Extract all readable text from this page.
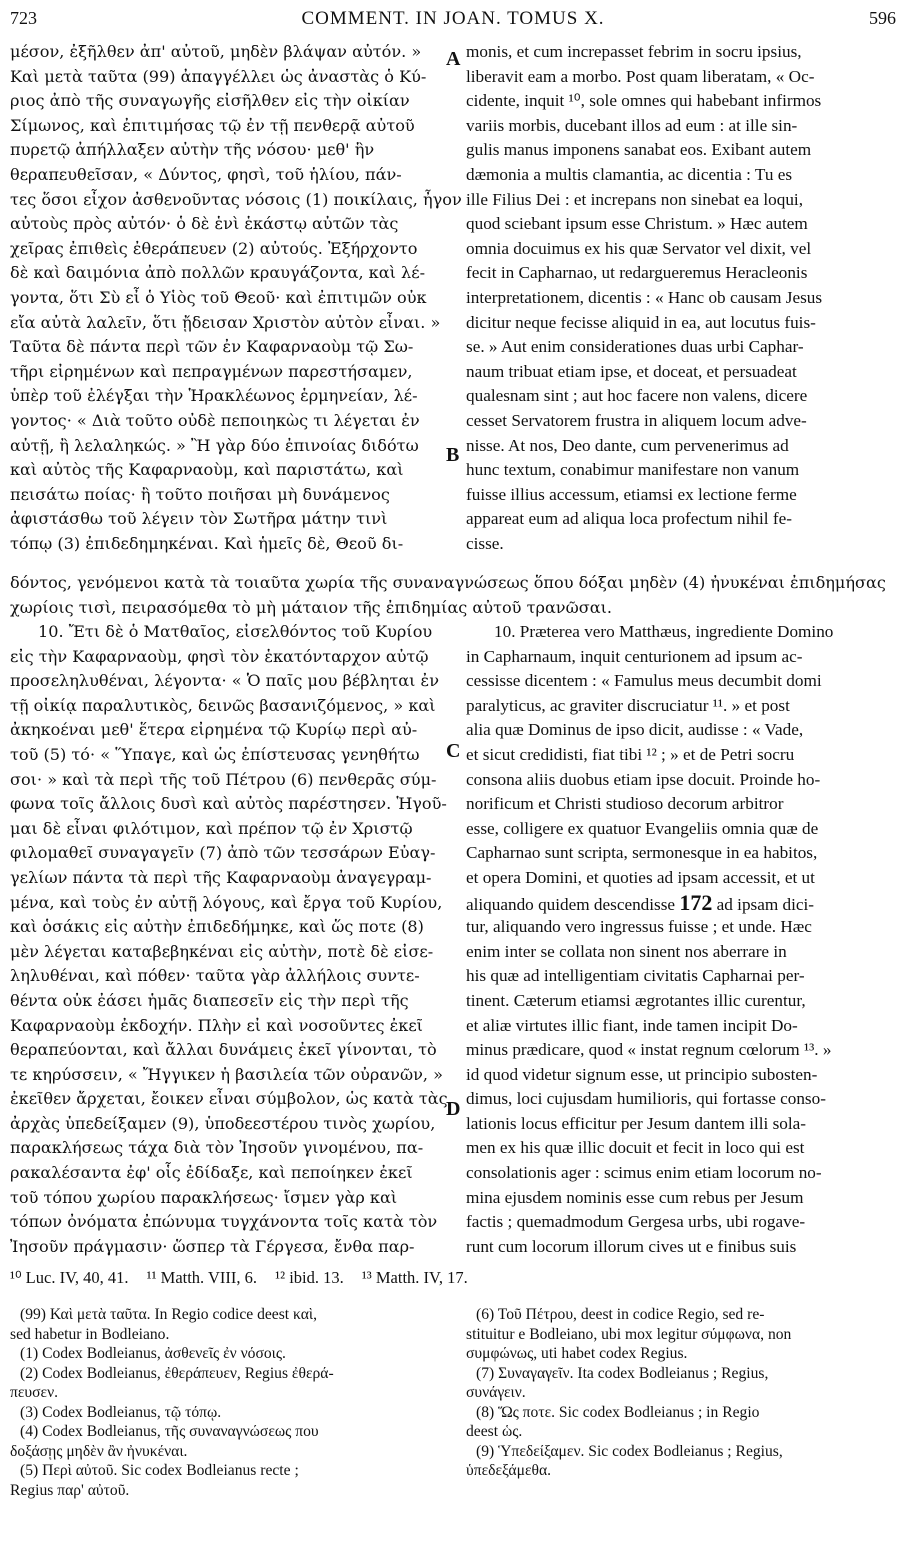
723	COMMENT. IN JOAN. TOMUS X.	596
μέσον, ἐξῆλθεν ἀπ' αὐτοῦ, μηδὲν βλάψαν αὐτόν. »
Καὶ μετὰ ταῦτα (99) ἀπαγγέλλει ὡς ἀναστὰς ὁ Κύ-
ριος ἀπὸ τῆς συναγωγῆς εἰσῆλθεν εἰς τὴν οἰκίαν
Σίμωνος, καὶ ἐπιτιμήσας τῷ ἐν τῇ πενθερᾷ αὐτοῦ
πυρετῷ ἀπήλλαξεν αὐτὴν τῆς νόσου· μεθ' ἣν
θεραπευθεῖσαν, « Δύντος, φησὶ, τοῦ ἡλίου, πάν-
τες ὅσοι εἶχον ἀσθενοῦντας νόσοις (1) ποικίλαις, ἦγον
αὐτοὺς πρὸς αὐτόν· ὁ δὲ ἑνὶ ἑκάστῳ αὐτῶν τὰς
χεῖρας ἐπιθεὶς ἐθεράπευεν (2) αὐτούς. Ἐξήρχοντο
δὲ καὶ δαιμόνια ἀπὸ πολλῶν κραυγάζοντα, καὶ λέ-
γοντα, ὅτι Σὺ εἶ ὁ Υἱὸς τοῦ Θεοῦ· καὶ ἐπιτιμῶν οὐκ
εἴα αὐτὰ λαλεῖν, ὅτι ᾔδεισαν Χριστὸν αὐτὸν εἶναι. »
Ταῦτα δὲ πάντα περὶ τῶν ἐν Καφαρναοὺμ τῷ Σω-
τῆρι εἰρημένων καὶ πεπραγμένων παρεστήσαμεν,
ὑπὲρ τοῦ ἐλέγξαι τὴν Ἡρακλέωνος ἑρμηνείαν, λέ-
γοντος· « Διὰ τοῦτο οὐδὲ πεποιηκὼς τι λέγεται ἐν
αὐτῇ, ἢ λελαληκώς. » Ἢ γὰρ δύο ἐπινοίας διδότω
καὶ αὐτὸς τῆς Καφαρναοὺμ, καὶ παριστάτω, καὶ
πεισάτω ποίας· ἢ τοῦτο ποιῆσαι μὴ δυνάμενος
ἀφιστάσθω τοῦ λέγειν τὸν Σωτῆρα μάτην τινὶ
τόπῳ (3) ἐπιδεδημηκέναι. Καὶ ἡμεῖς δὲ, Θεοῦ δι-
monis, et cum increpasset febrim in socru ipsius,
liberavit eam a morbo. Post quam liberatam, « Oc-
cidente, inquit ¹⁰, sole omnes qui habebant infirmos
variis morbis, ducebant illos ad eum : at ille sin-
gulis manus imponens sanabat eos. Exibant autem
dæmonia a multis clamantia, ac dicentia : Tu es
ille Filius Dei : et increpans non sinebat ea loqui,
quod sciebant ipsum esse Christum. » Hæc autem
omnia docuimus ex his quæ Servator vel dixit, vel
fecit in Capharnao, ut redargueremus Heracleonis
interpretationem, dicentis : « Hanc ob causam Jesus
dicitur neque fecisse aliquid in ea, aut locutus fuis-
se. » Aut enim considerationes duas urbi Caphar-
naum tribuat etiam ipse, et doceat, et persuadeat
qualesnam sint ; aut hoc facere non valens, dicere
cesset Servatorem frustra in aliquem locum adve-
nisse. At nos, Deo dante, cum pervenerimus ad
hunc textum, conabimur manifestare non vanum
fuisse illius accessum, etiamsi ex lectione ferme
appareat eum ad aliqua loca profectum nihil fe-
cisse.
δόντος, γενόμενοι κατὰ τὰ τοιαῦτα χωρία τῆς συναναγνώσεως ὅπου δόξαι μηδὲν (4) ἠνυκέναι ἐπιδημήσας
χωρίοις τισὶ, πειρασόμεθα τὸ μὴ μάταιον τῆς ἐπιδημίας αὐτοῦ τρανῶσαι.
10. Ἔτι δὲ ὁ Ματθαῖος, εἰσελθόντος τοῦ Κυρίου
εἰς τὴν Καφαρναοὺμ, φησὶ τὸν ἑκατόνταρχον αὐτῷ
προσεληλυθέναι, λέγοντα· « Ὁ παῖς μου βέβληται ἐν
τῇ οἰκίᾳ παραλυτικὸς, δεινῶς βασανιζόμενος, » καὶ
ἀκηκοέναι μεθ' ἕτερα εἰρημένα τῷ Κυρίῳ περὶ αὐ-
τοῦ (5) τό· « Ὕπαγε, καὶ ὡς ἐπίστευσας γενηθήτω
σοι· » καὶ τὰ περὶ τῆς τοῦ Πέτρου (6) πενθερᾶς σύμ-
φωνα τοῖς ἄλλοις δυσὶ καὶ αὐτὸς παρέστησεν. Ἡγοῦ-
μαι δὲ εἶναι φιλότιμον, καὶ πρέπον τῷ ἐν Χριστῷ
φιλομαθεῖ συναγαγεῖν (7) ἀπὸ τῶν τεσσάρων Εὐαγ-
γελίων πάντα τὰ περὶ τῆς Καφαρναοὺμ ἀναγεγραμ-
μένα, καὶ τοὺς ἐν αὐτῇ λόγους, καὶ ἔργα τοῦ Κυρίου,
καὶ ὁσάκις εἰς αὐτὴν ἐπιδεδήμηκε, καὶ ὥς ποτε (8)
μὲν λέγεται καταβεβηκέναι εἰς αὐτὴν, ποτὲ δὲ εἰσε-
ληλυθέναι, καὶ πόθεν· ταῦτα γὰρ ἀλλήλοις συντε-
θέντα οὐκ ἐάσει ἡμᾶς διαπεσεῖν εἰς τὴν περὶ τῆς
Καφαρναοὺμ ἐκδοχήν. Πλὴν εἰ καὶ νοσοῦντες ἐκεῖ
θεραπεύονται, καὶ ἄλλαι δυνάμεις ἐκεῖ γίνονται, τὸ
τε κηρύσσειν, « Ἤγγικεν ἡ βασιλεία τῶν οὐρανῶν, »
ἐκεῖθεν ἄρχεται, ἔοικεν εἶναι σύμβολον, ὡς κατὰ τὰς
ἀρχὰς ὑπεδείξαμεν (9), ὑποδεεστέρου τινὸς χωρίου,
παρακλήσεως τάχα διὰ τὸν Ἰησοῦν γινομένου, πα-
ρακαλέσαντα ἐφ' οἷς ἐδίδαξε, καὶ πεποίηκεν ἐκεῖ
τοῦ τόπου χωρίου παρακλήσεως· ἴσμεν γὰρ καὶ
τόπων ὀνόματα ἐπώνυμα τυγχάνοντα τοῖς κατὰ τὸν
Ἰησοῦν πράγμασιν· ὥσπερ τὰ Γέργεσα, ἔνθα παρ-
10. Præterea vero Matthæus, ingrediente Domino
in Capharnaum, inquit centurionem ad ipsum ac-
cessisse dicentem : « Famulus meus decumbit domi
paralyticus, ac graviter discruciatur ¹¹. » et post
alia quæ Dominus de ipso dicit, audisse : « Vade,
et sicut credidisti, fiat tibi ¹² ; » et de Petri socru
consona aliis duobus etiam ipse docuit. Proinde ho-
norificum et Christi studioso decorum arbitror
esse, colligere ex quatuor Evangeliis omnia quæ de
Capharnao sunt scripta, sermonesque in ea habitos,
et opera Domini, et quoties ad ipsam accessit, et ut
aliquando quidem descendisse 172 ad ipsam dici-
tur, aliquando vero ingressus fuisse ; et unde. Hæc
enim inter se collata non sinent nos aberrare in
his quæ ad intelligentiam civitatis Capharnai per-
tinent. Cæterum etiamsi ægrotantes illic curentur,
et aliæ virtutes illic fiant, inde tamen incipit Do-
minus prædicare, quod « instat regnum cœlorum ¹³. »
id quod videtur signum esse, ut principio subosten-
dimus, loci cujusdam humilioris, qui fortasse conso-
lationis locus efficitur per Jesum dantem illi sola-
men ex his quæ illic docuit et fecit in loco qui est
consolationis ager : scimus enim etiam locorum no-
mina ejusdem nominis esse cum rebus per Jesum
factis ; quemadmodum Gergesa urbs, ubi rogave-
runt cum locorum illorum cives ut e finibus suis
A
B
C
D
¹⁰ Luc. IV, 40, 41. ¹¹ Matth. VIII, 6. ¹² ibid. 13. ¹³ Matth. IV, 17.
(99) Καὶ μετὰ ταῦτα. In Regio codice deest καὶ,
sed habetur in Bodleiano.
(1) Codex Bodleianus, ἀσθενεῖς ἐν νόσοις.
(2) Codex Bodleianus, ἐθεράπευεν, Regius ἐθερά-
πευσεν.
(3) Codex Bodleianus, τῷ τόπῳ.
(4) Codex Bodleianus, τῆς συναναγνώσεως που
δοξάσῃς μηδὲν ἂν ἠνυκέναι.
(5) Περὶ αὐτοῦ. Sic codex Bodleianus recte ;
Regius παρ' αὐτοῦ.
(6) Τοῦ Πέτρου, deest in codice Regio, sed re-
stituitur e Bodleiano, ubi mox legitur σύμφωνα, non
συμφώνως, uti habet codex Regius.
(7) Συναγαγεῖν. Ita codex Bodleianus ; Regius,
συνάγειν.
(8) Ὥς ποτε. Sic codex Bodleianus ; in Regio
deest ὡς.
(9) Ὑπεδείξαμεν. Sic codex Bodleianus ; Regius,
ὑπεδεξάμεθα.
